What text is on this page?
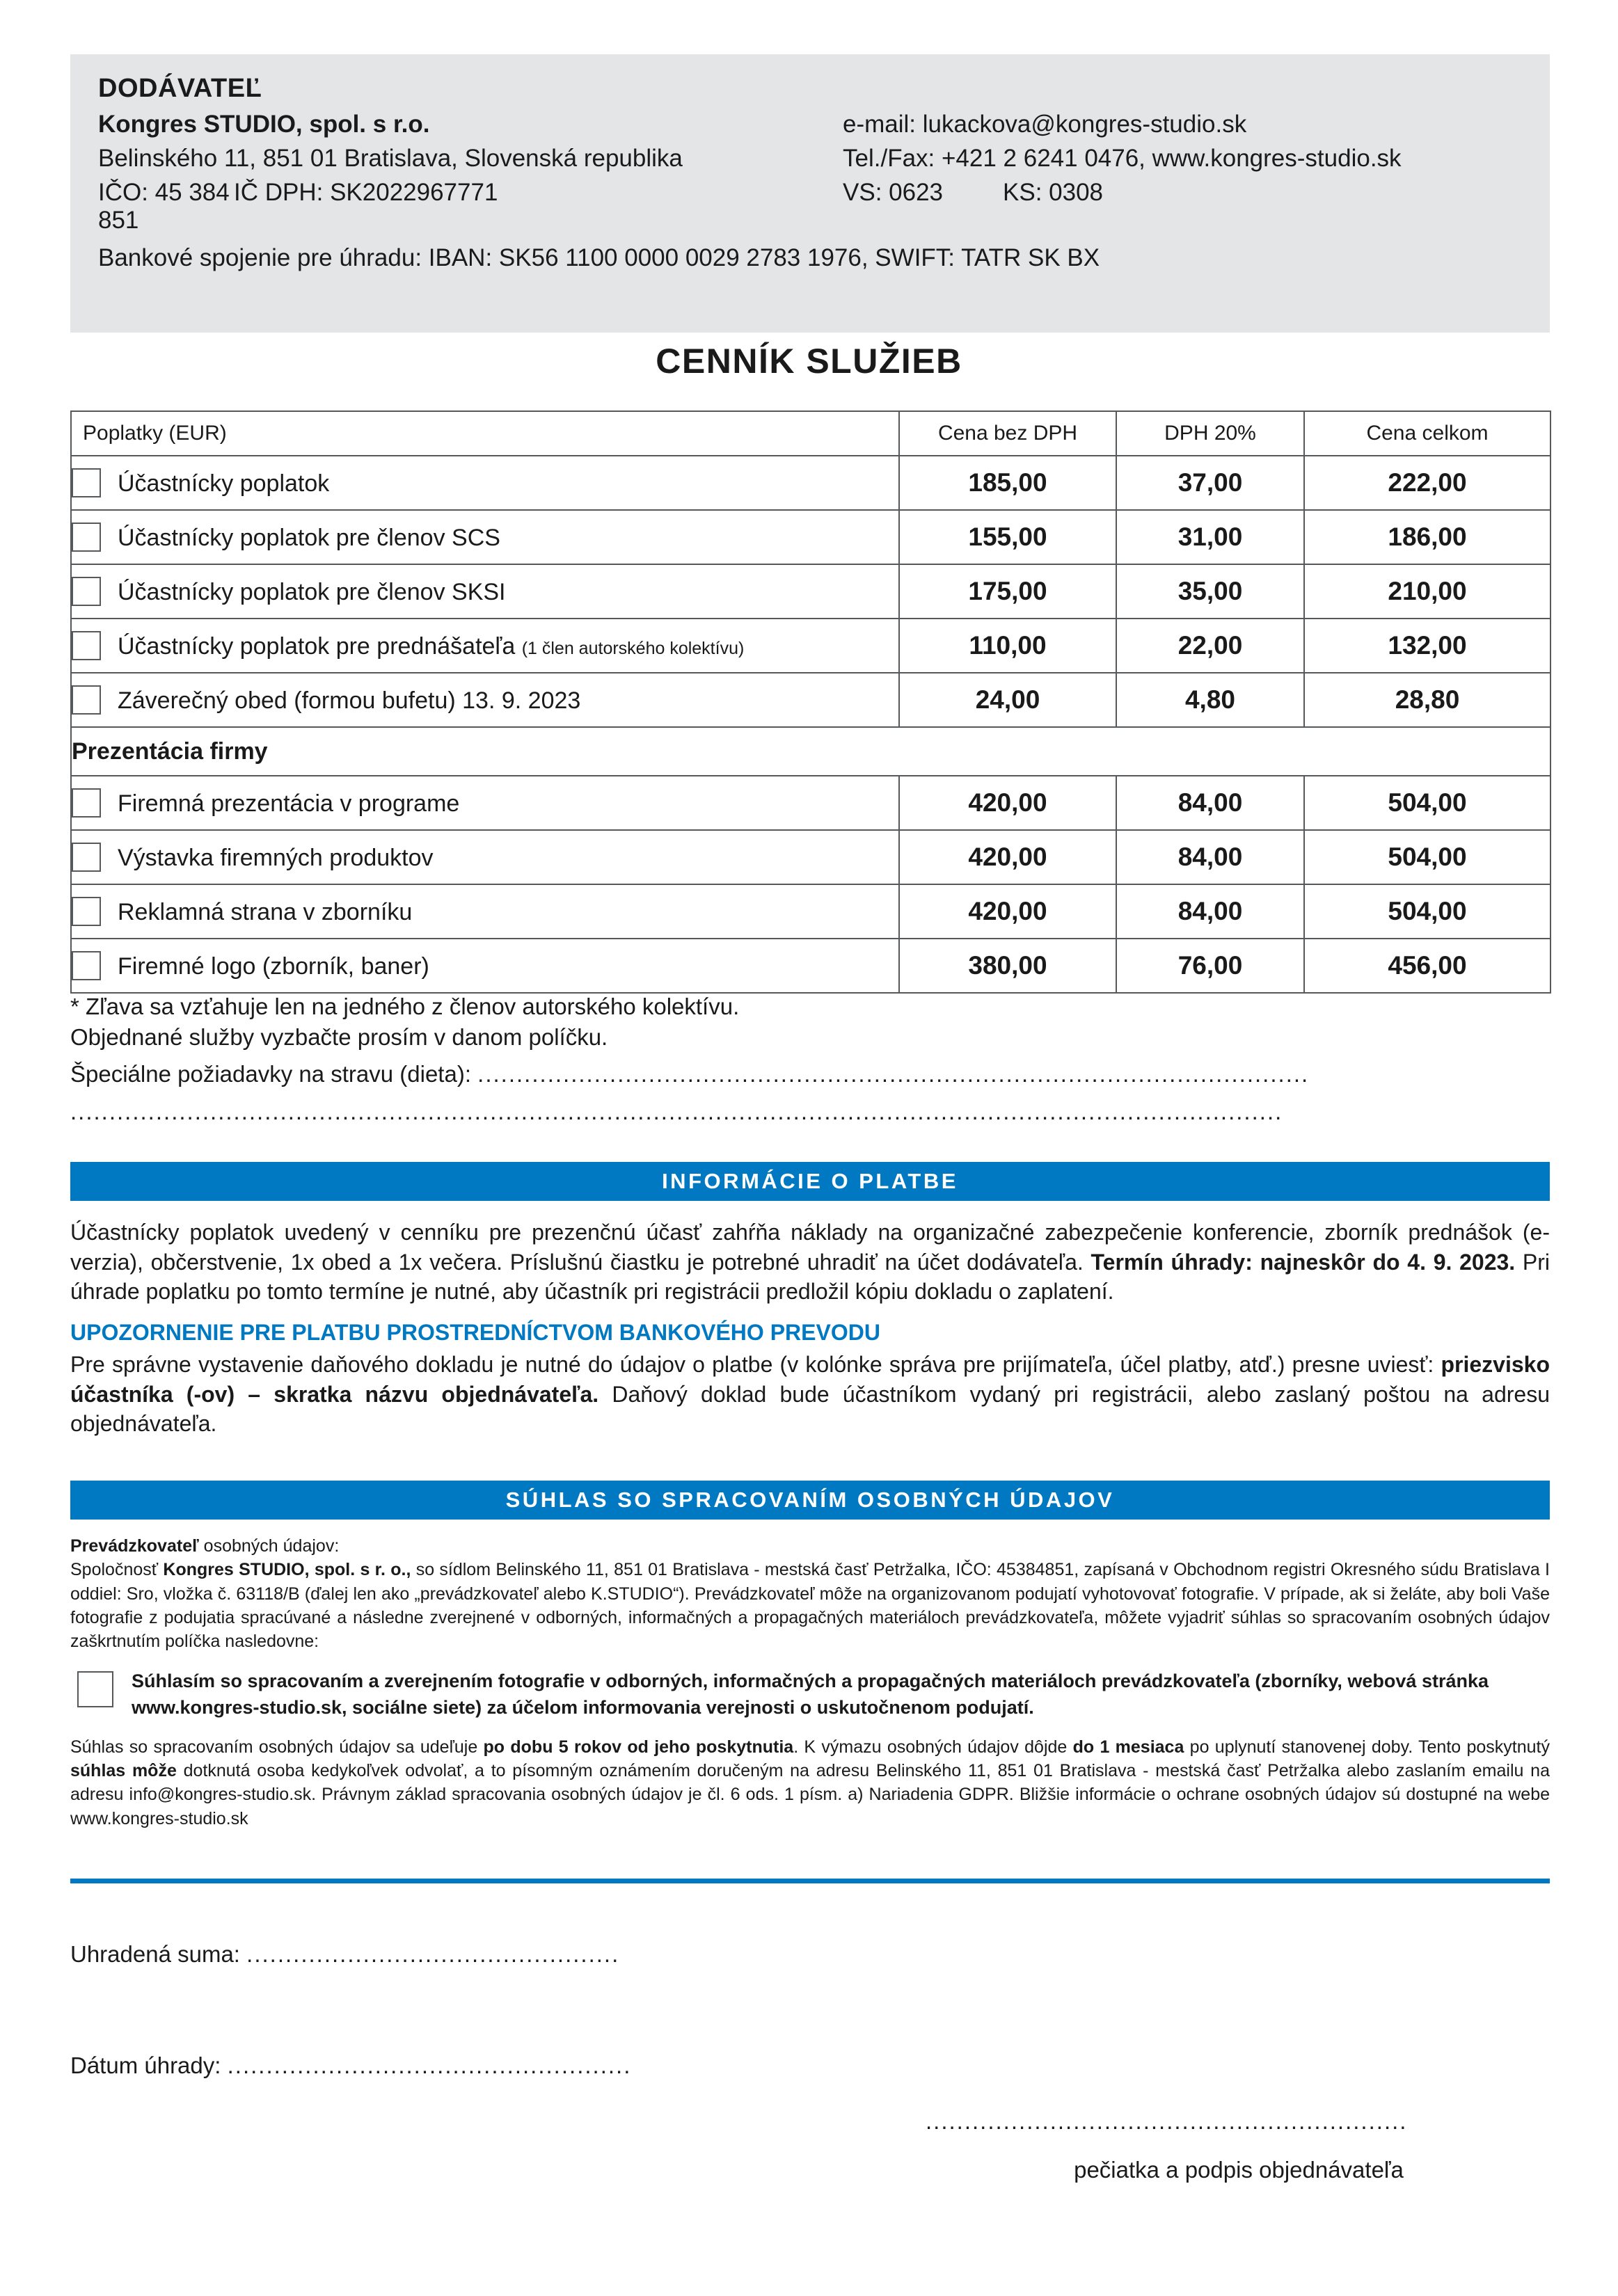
DODÁVATEĽ
Kongres STUDIO, spol. s r.o.	e-mail: lukackova@kongres-studio.sk
Belinského 11, 851 01 Bratislava, Slovenská republika	Tel./Fax: +421 2 6241 0476, www.kongres-studio.sk
IČO: 45 384 851
IČ DPH: SK2022967771	VS: 0623	KS: 0308
Bankové spojenie pre úhradu: IBAN: SK56 1100 0000 0029 2783 1976, SWIFT: TATR SK BX
CENNÍK SLUŽIEB
Poplatky (EUR)	Cena bez DPH	DPH 20%	Cena celkom
Účastnícky poplatok	185,00	37,00	222,00
Účastnícky poplatok pre členov SCS	155,00	31,00	186,00
Účastnícky poplatok pre členov SKSI	175,00	35,00	210,00
Účastnícky poplatok pre prednášateľa (1 člen autorského kolektívu)	110,00	22,00	132,00
Záverečný obed (formou bufetu) 13. 9. 2023	24,00	4,80	28,80
Prezentácia firmy			
Firemná prezentácia v programe	420,00	84,00	504,00
Výstavka firemných produktov	420,00	84,00	504,00
Reklamná strana v zborníku	420,00	84,00	504,00
Firemné logo (zborník, baner)	380,00	76,00	456,00
* Zľava sa vzťahuje len na jedného z členov autorského kolektívu.
Objednané služby vyzbačte prosím v danom políčku.
Špeciálne požiadavky na stravu (dieta): ...........................................................................................................
............................................................................................................................................................
INFORMÁCIE O PLATBE
Účastnícky poplatok uvedený v cenníku pre prezenčnú účasť zahŕňa náklady na organizačné zabezpečenie konferencie, zborník prednášok (e-verzia), občerstvenie, 1x obed a 1x večera. Príslušnú čiastku je potrebné uhradiť na účet dodávateľa. Termín úhrady: najneskôr do 4. 9. 2023. Pri úhrade poplatku po tomto termíne je nutné, aby účastník pri registrácii predložil kópiu dokladu o zaplatení.
UPOZORNENIE PRE PLATBU PROSTREDNÍCTVOM BANKOVÉHO PREVODU
Pre správne vystavenie daňového dokladu je nutné do údajov o platbe (v kolónke správa pre prijímateľa, účel platby, atď.) presne uviesť: priezvisko účastníka (-ov) – skratka názvu objednávateľa. Daňový doklad bude účastníkom vydaný pri registrácii, alebo zaslaný poštou na adresu objednávateľa.
SÚHLAS SO SPRACOVANÍM OSOBNÝCH ÚDAJOV
Prevádzkovateľ osobných údajov:
Spoločnosť Kongres STUDIO, spol. s r. o., so sídlom Belinského 11, 851 01 Bratislava - mestská časť Petržalka, IČO: 45384851, zapísaná v Obchodnom registri Okresného súdu Bratislava I oddiel: Sro, vložka č. 63118/B (ďalej len ako „prevádzkovateľ alebo K.STUDIO“). Prevádzkovateľ môže na organizovanom podujatí vyhotovovať fotografie. V prípade, ak si želáte, aby boli Vaše fotografie z podujatia spracúvané a následne zverejnené v odborných, informačných a propagačných materiáloch prevádzkovateľa, môžete vyjadriť súhlas so spracovaním osobných údajov zaškrtnutím políčka nasledovne:
Súhlasím so spracovaním a zverejnením fotografie v odborných, informačných a propagačných materiáloch prevádzkovateľa (zborníky, webová stránka www.kongres-studio.sk, sociálne siete) za účelom informovania verejnosti o uskutočnenom podujatí.
Súhlas so spracovaním osobných údajov sa udeľuje po dobu 5 rokov od jeho poskytnutia. K výmazu osobných údajov dôjde do 1 mesiaca po uplynutí stanovenej doby. Tento poskytnutý súhlas môže dotknutá osoba kedykoľvek odvolať, a to písomným oznámením doručeným na adresu Belinského 11, 851 01 Bratislava - mestská časť Petržalka alebo zaslaním emailu na adresu info@kongres-studio.sk. Právnym základ spracovania osobných údajov je čl. 6 ods. 1 písm. a) Nariadenia GDPR. Bližšie informácie o ochrane osobných údajov sú dostupné na webe www.kongres-studio.sk
Uhradená suma: ................................................
Dátum úhrady: ....................................................
..............................................................
pečiatka a podpis objednávateľa
